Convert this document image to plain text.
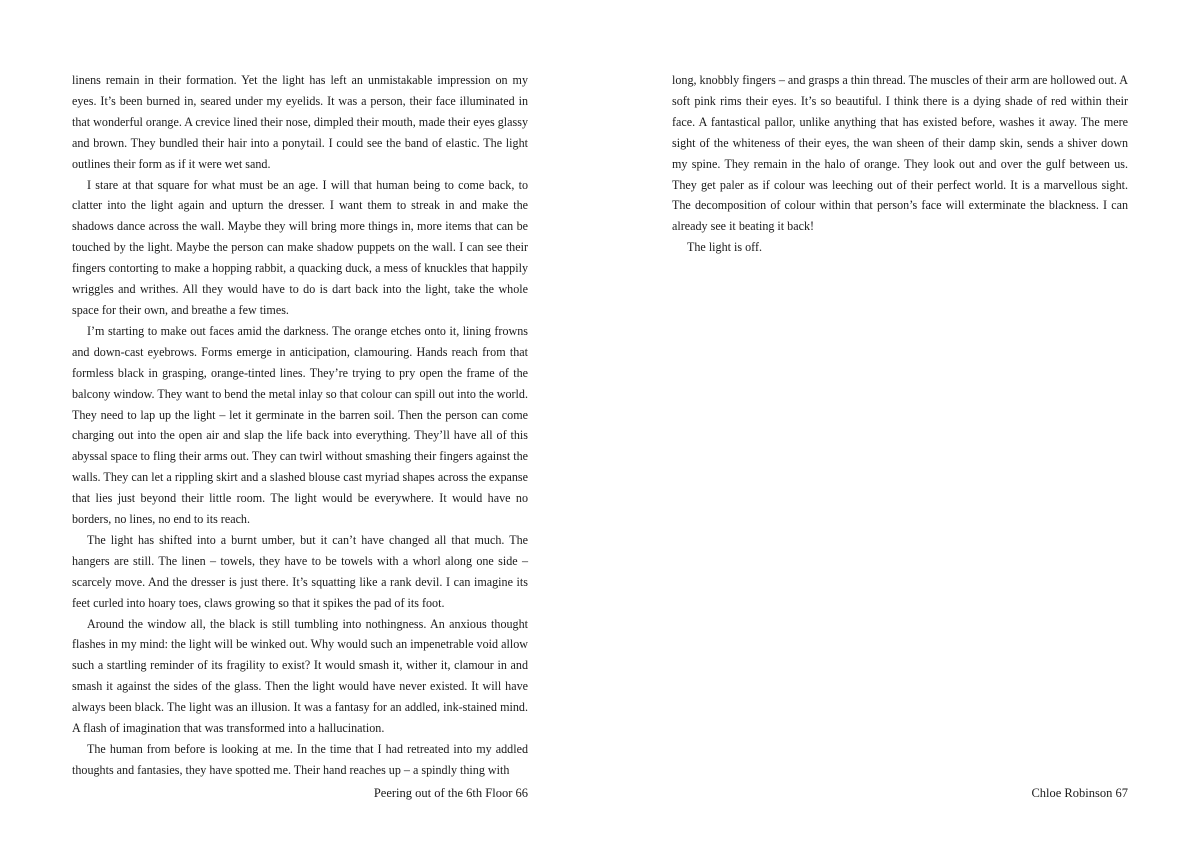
linens remain in their formation. Yet the light has left an unmistakable impression on my eyes. It’s been burned in, seared under my eyelids. It was a person, their face illuminated in that wonderful orange. A crevice lined their nose, dimpled their mouth, made their eyes glassy and brown. They bundled their hair into a ponytail. I could see the band of elastic. The light outlines their form as if it were wet sand.

I stare at that square for what must be an age. I will that human being to come back, to clatter into the light again and upturn the dresser. I want them to streak in and make the shadows dance across the wall. Maybe they will bring more things in, more items that can be touched by the light. Maybe the person can make shadow puppets on the wall. I can see their fingers contorting to make a hopping rabbit, a quacking duck, a mess of knuckles that happily wriggles and writhes. All they would have to do is dart back into the light, take the whole space for their own, and breathe a few times.

I’m starting to make out faces amid the darkness. The orange etches onto it, lining frowns and down-cast eyebrows. Forms emerge in anticipation, clamouring. Hands reach from that formless black in grasping, orange-tinted lines. They’re trying to pry open the frame of the balcony window. They want to bend the metal inlay so that colour can spill out into the world. They need to lap up the light – let it germinate in the barren soil. Then the person can come charging out into the open air and slap the life back into everything. They’ll have all of this abyssal space to fling their arms out. They can twirl without smashing their fingers against the walls. They can let a rippling skirt and a slashed blouse cast myriad shapes across the expanse that lies just beyond their little room. The light would be everywhere. It would have no borders, no lines, no end to its reach.

The light has shifted into a burnt umber, but it can’t have changed all that much. The hangers are still. The linen – towels, they have to be towels with a whorl along one side – scarcely move. And the dresser is just there. It’s squatting like a rank devil. I can imagine its feet curled into hoary toes, claws growing so that it spikes the pad of its foot.

Around the window all, the black is still tumbling into nothingness. An anxious thought flashes in my mind: the light will be winked out. Why would such an impenetrable void allow such a startling reminder of its fragility to exist? It would smash it, wither it, clamour in and smash it against the sides of the glass. Then the light would have never existed. It will have always been black. The light was an illusion. It was a fantasy for an addled, ink-stained mind. A flash of imagination that was transformed into a hallucination.

The human from before is looking at me. In the time that I had retreated into my addled thoughts and fantasies, they have spotted me. Their hand reaches up – a spindly thing with

Peering out of the 6th Floor 66

long, knobbly fingers – and grasps a thin thread. The muscles of their arm are hollowed out. A soft pink rims their eyes. It’s so beautiful. I think there is a dying shade of red within their face. A fantastical pallor, unlike anything that has existed before, washes it away. The mere sight of the whiteness of their eyes, the wan sheen of their damp skin, sends a shiver down my spine. They remain in the halo of orange. They look out and over the gulf between us. They get paler as if colour was leeching out of their perfect world. It is a marvellous sight. The decomposition of colour within that person’s face will exterminate the blackness. I can already see it beating it back!

The light is off.

Chloe Robinson 67
